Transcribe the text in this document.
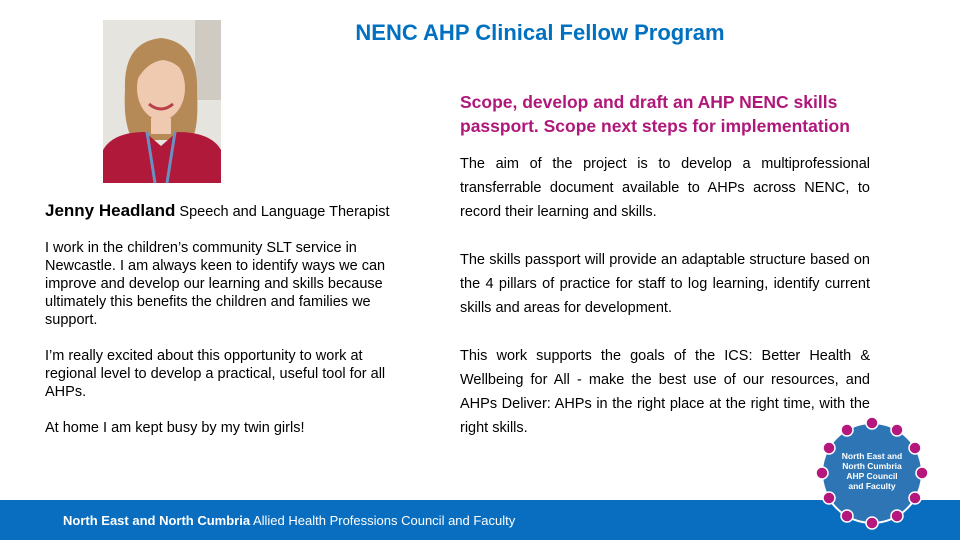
NENC AHP Clinical Fellow Program

Jenny Headland Speech and Language Therapist

I work in the children’s community SLT service in Newcastle. I am always keen to identify ways we can improve and develop our learning and skills because ultimately this benefits the children and families we support.

I’m really excited about this opportunity to work at regional level to develop a practical, useful tool for all AHPs.

At home I am kept busy by my twin girls!

Scope, develop and draft an AHP NENC skills
passport. Scope next steps for implementation

The aim of the project is to develop a multiprofessional transferrable document available to AHPs across NENC, to record their learning and skills.

The skills passport will provide an adaptable structure based on the 4 pillars of practice for staff to log learning, identify current skills and areas for development.

This work supports the goals of the ICS: Better Health & Wellbeing for All - make the best use of our resources, and AHPs Deliver: AHPs in the right place at the right time, with the right skills.

North East and North Cumbria Allied Health Professions Council and Faculty
North East and
North Cumbria
AHP Council
and Faculty
